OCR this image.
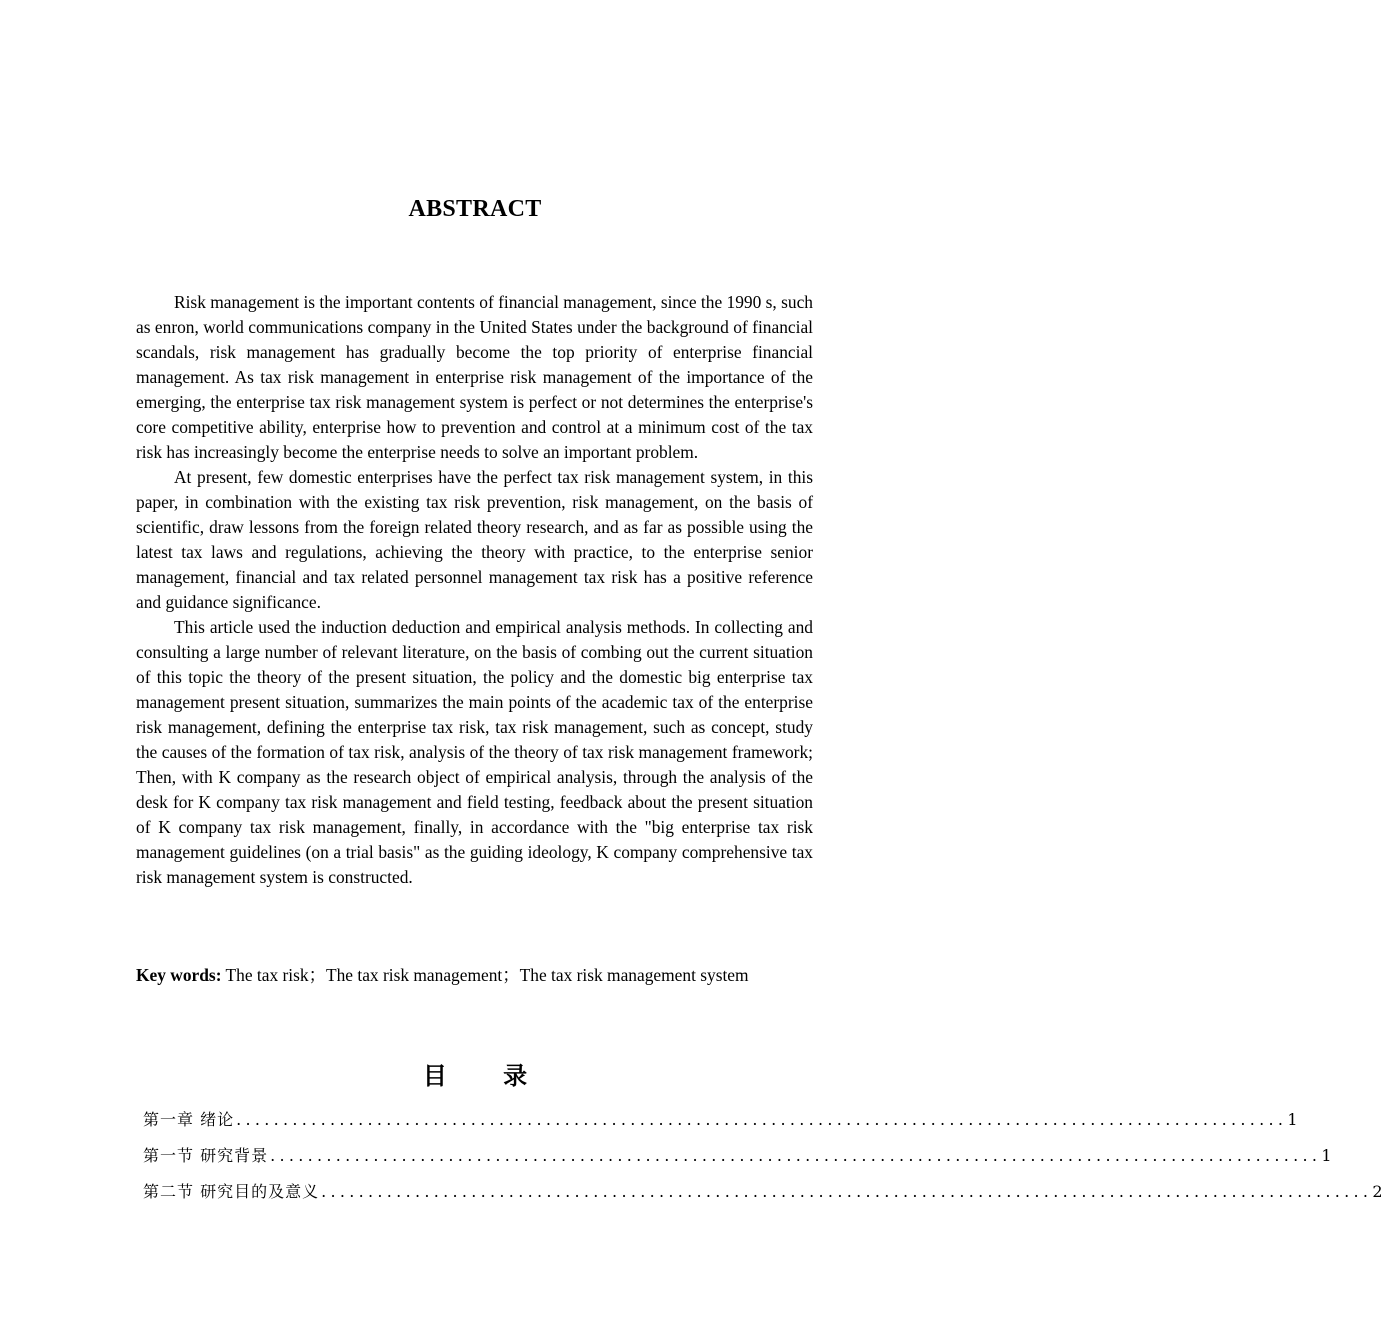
ABSTRACT

Risk management is the important contents of financial management, since the 1990 s, such as enron, world communications company in the United States under the background of financial scandals, risk management has gradually become the top priority of enterprise financial management. As tax risk management in enterprise risk management of the importance of the emerging, the enterprise tax risk management system is perfect or not determines the enterprise's core competitive ability, enterprise how to prevention and control at a minimum cost of the tax risk has increasingly become the enterprise needs to solve an important problem.

At present, few domestic enterprises have the perfect tax risk management system, in this paper, in combination with the existing tax risk prevention, risk management, on the basis of scientific, draw lessons from the foreign related theory research, and as far as possible using the latest tax laws and regulations, achieving the theory with practice, to the enterprise senior management, financial and tax related personnel management tax risk has a positive reference and guidance significance.

This article used the induction deduction and empirical analysis methods. In collecting and consulting a large number of relevant literature, on the basis of combing out the current situation of this topic the theory of the present situation, the policy and the domestic big enterprise tax management present situation, summarizes the main points of the academic tax of the enterprise risk management, defining the enterprise tax risk, tax risk management, such as concept, study the causes of the formation of tax risk, analysis of the theory of tax risk management framework; Then, with K company as the research object of empirical analysis, through the analysis of the desk for K company tax risk management and field testing, feedback about the present situation of K company tax risk management, finally, in accordance with the "big enterprise tax risk management guidelines (on a trial basis" as the guiding ideology, K company comprehensive tax risk management system is constructed.

Key words: The tax risk；The tax risk management；The tax risk management system
目 录
第一章 绪论 ................................................................................................................ 1
第一节 研究背景 ................................................................................................................ 1
第二节 研究目的及意义 ................................................................................................................ 2
